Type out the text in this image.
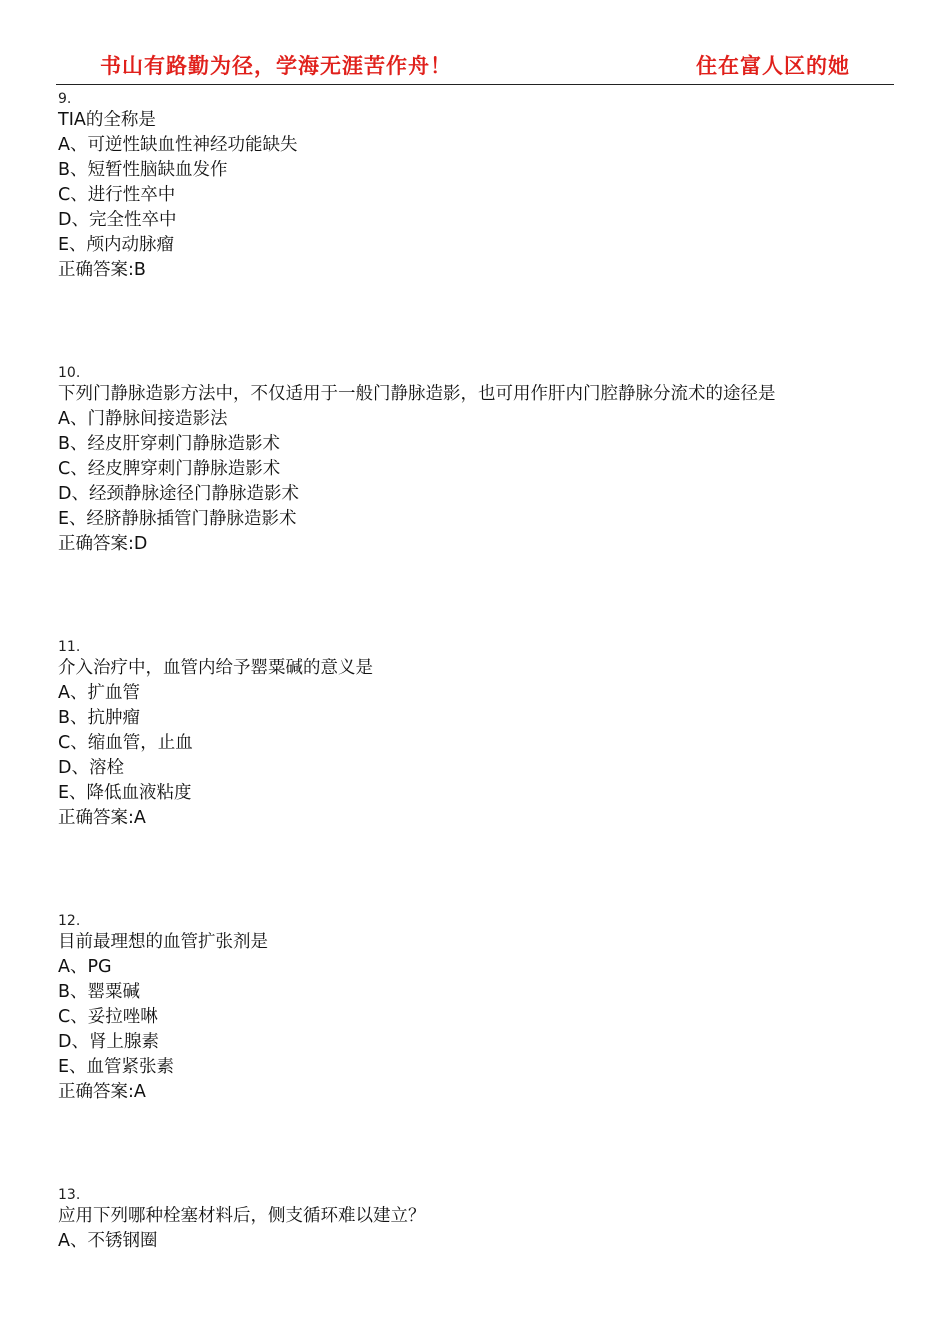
书山有路勤为径，学海无涯苦作舟！	住在富人区的她
9.
TIA的全称是
A、可逆性缺血性神经功能缺失
B、短暂性脑缺血发作
C、进行性卒中
D、完全性卒中
E、颅内动脉瘤
正确答案:B
10.
下列门静脉造影方法中，不仅适用于一般门静脉造影，也可用作肝内门腔静脉分流术的途径是
A、门静脉间接造影法
B、经皮肝穿刺门静脉造影术
C、经皮脾穿刺门静脉造影术
D、经颈静脉途径门静脉造影术
E、经脐静脉插管门静脉造影术
正确答案:D
11.
介入治疗中，血管内给予罂粟碱的意义是
A、扩血管
B、抗肿瘤
C、缩血管，止血
D、溶栓
E、降低血液粘度
正确答案:A
12.
目前最理想的血管扩张剂是
A、PG
B、罂粟碱
C、妥拉唑啉
D、肾上腺素
E、血管紧张素
正确答案:A
13.
应用下列哪种栓塞材料后，侧支循环难以建立？
A、不锈钢圈
